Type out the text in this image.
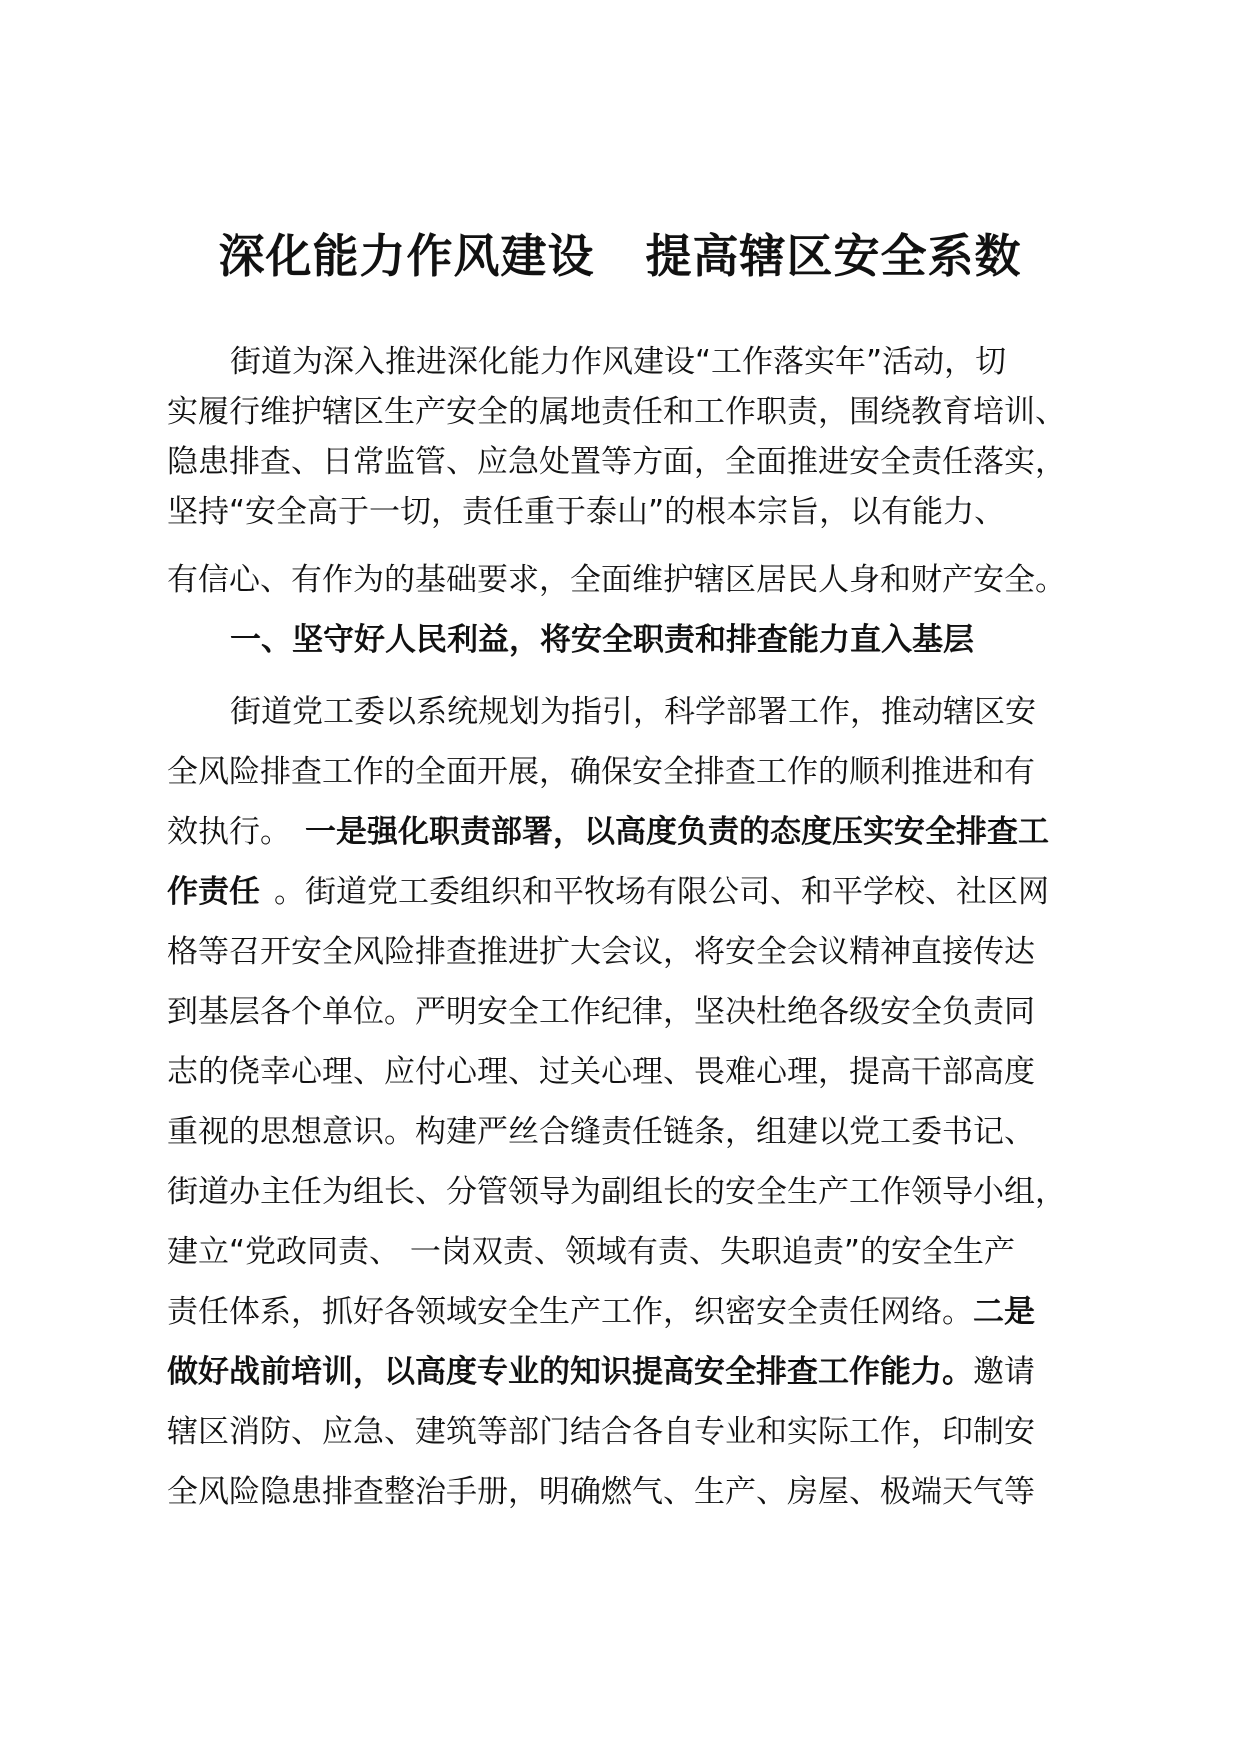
深化能力作风建设   提高辖区安全系数
街道为深入推进深化能力作风建设“工作落实年”活动，切
实履行维护辖区生产安全的属地责任和工作职责，围绕教育培训、
隐患排查、日常监管、应急处置等方面，全面推进安全责任落实，
坚持“安全高于一切，责任重于泰山”的根本宗旨，以有能力、
有信心、有作为的基础要求，全面维护辖区居民人身和财产安全。
一、坚守好人民利益，将安全职责和排查能力直入基层
街道党工委以系统规划为指引，科学部署工作，推动辖区安
全风险排查工作的全面开展，确保安全排查工作的顺利推进和有
效执行。 一是强化职责部署，以高度负责的态度压实安全排查工
作责任 。街道党工委组织和平牧场有限公司、和平学校、社区网
格等召开安全风险排查推进扩大会议，将安全会议精神直接传达
到基层各个单位。严明安全工作纪律，坚决杜绝各级安全负责同
志的侥幸心理、应付心理、过关心理、畏难心理，提高干部高度
重视的思想意识。构建严丝合缝责任链条，组建以党工委书记、
街道办主任为组长、分管领导为副组长的安全生产工作领导小组，
建立“党政同责、 一岗双责、领域有责、失职追责”的安全生产
责任体系，抓好各领域安全生产工作，织密安全责任网络。二是
做好战前培训，以高度专业的知识提高安全排查工作能力。邀请
辖区消防、应急、建筑等部门结合各自专业和实际工作，印制安
全风险隐患排查整治手册，明确燃气、生产、房屋、极端天气等
